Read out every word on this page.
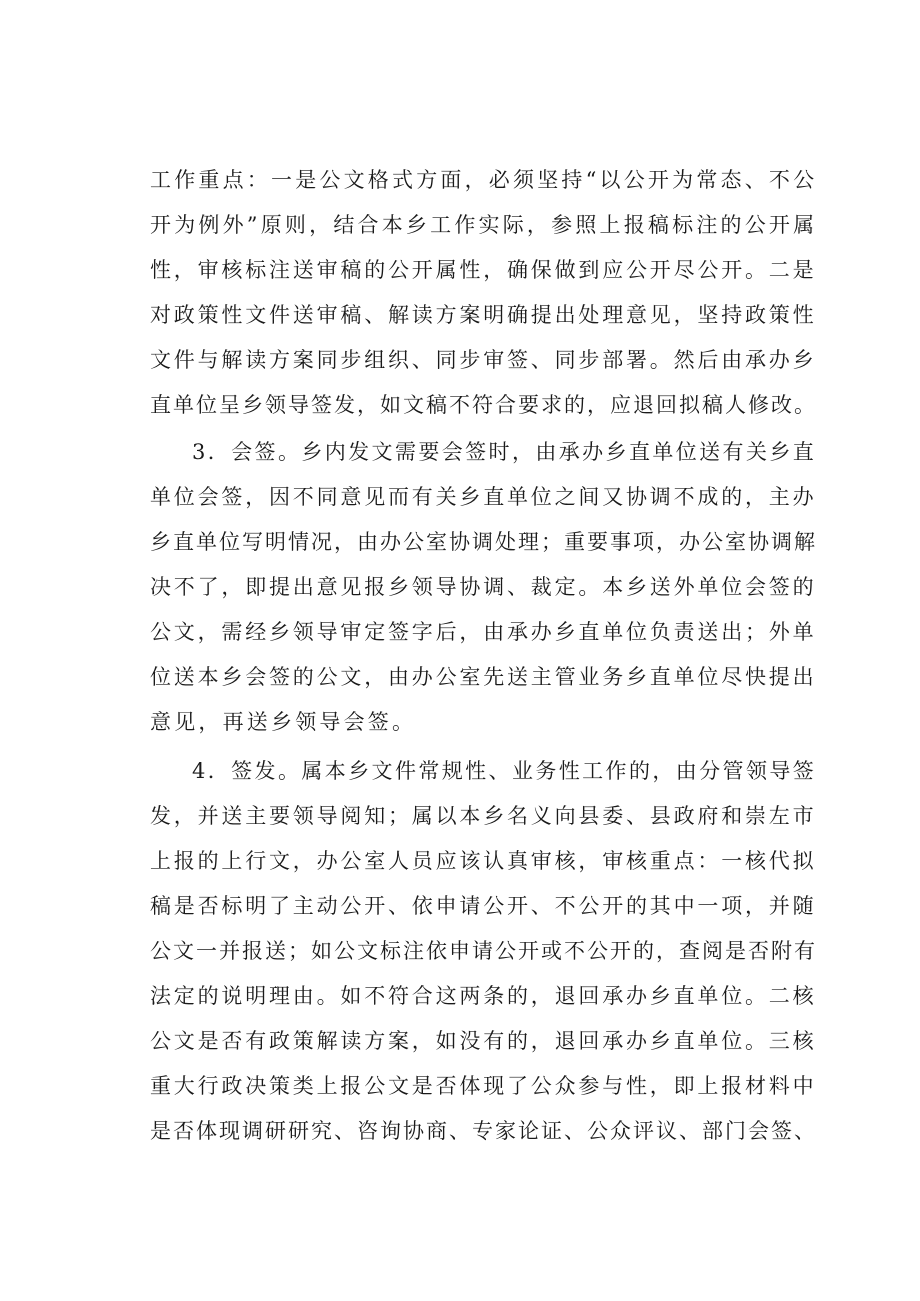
工作重点：一是公文格式方面，必须坚持“以公开为常态、不公
开为例外”原则，结合本乡工作实际，参照上报稿标注的公开属
性，审核标注送审稿的公开属性，确保做到应公开尽公开。二是
对政策性文件送审稿、解读方案明确提出处理意见，坚持政策性
文件与解读方案同步组织、同步审签、同步部署。然后由承办乡
直单位呈乡领导签发，如文稿不符合要求的，应退回拟稿人修改。
3．会签。乡内发文需要会签时，由承办乡直单位送有关乡直
单位会签，因不同意见而有关乡直单位之间又协调不成的，主办
乡直单位写明情况，由办公室协调处理；重要事项，办公室协调解
决不了，即提出意见报乡领导协调、裁定。本乡送外单位会签的
公文，需经乡领导审定签字后，由承办乡直单位负责送出；外单
位送本乡会签的公文，由办公室先送主管业务乡直单位尽快提出
意见，再送乡领导会签。
4．签发。属本乡文件常规性、业务性工作的，由分管领导签
发，并送主要领导阅知；属以本乡名义向县委、县政府和崇左市
上报的上行文，办公室人员应该认真审核，审核重点：一核代拟
稿是否标明了主动公开、依申请公开、不公开的其中一项，并随
公文一并报送；如公文标注依申请公开或不公开的，查阅是否附有
法定的说明理由。如不符合这两条的，退回承办乡直单位。二核
公文是否有政策解读方案，如没有的，退回承办乡直单位。三核
重大行政决策类上报公文是否体现了公众参与性，即上报材料中
是否体现调研研究、咨询协商、专家论证、公众评议、部门会签、
